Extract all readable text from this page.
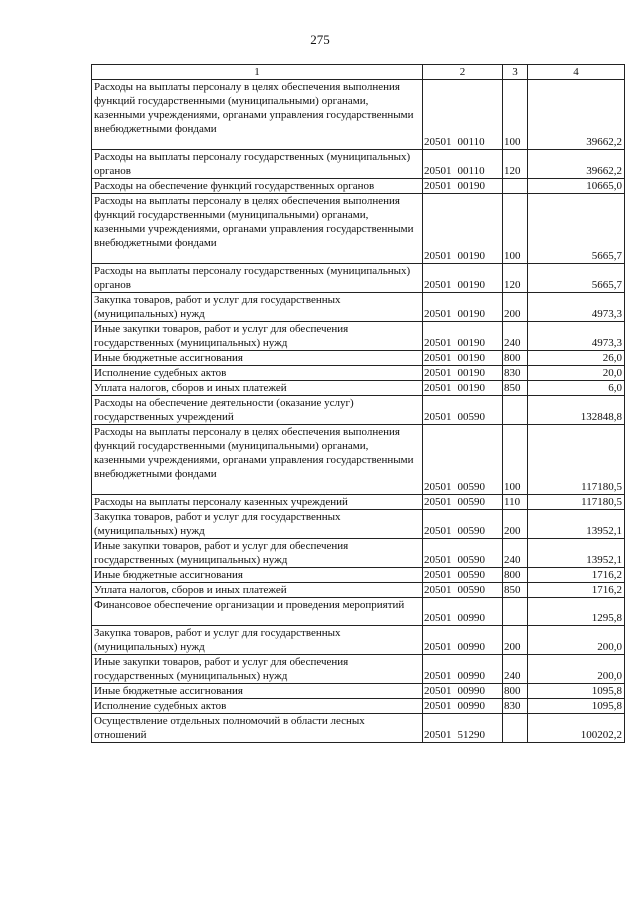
275
1	2	3	4
Расходы на выплаты персоналу в целях обеспечения выполнения функций государственными (муниципальными) органами, казенными учреждениями, органами управления государственными внебюджетными фондами	20501 00110	100	39662,2
Расходы на выплаты персоналу государственных (муниципальных) органов	20501 00110	120	39662,2
Расходы на обеспечение функций государственных органов	20501 00190		10665,0
Расходы на выплаты персоналу в целях обеспечения выполнения функций государственными (муниципальными) органами, казенными учреждениями, органами управления государственными внебюджетными фондами	20501 00190	100	5665,7
Расходы на выплаты персоналу государственных (муниципальных) органов	20501 00190	120	5665,7
Закупка товаров, работ и услуг для государственных (муниципальных) нужд	20501 00190	200	4973,3
Иные закупки товаров, работ и услуг для обеспечения государственных (муниципальных) нужд	20501 00190	240	4973,3
Иные бюджетные ассигнования	20501 00190	800	26,0
Исполнение судебных актов	20501 00190	830	20,0
Уплата налогов, сборов и иных платежей	20501 00190	850	6,0
Расходы на обеспечение деятельности (оказание услуг) государственных учреждений	20501 00590		132848,8
Расходы на выплаты персоналу в целях обеспечения выполнения функций государственными (муниципальными) органами, казенными учреждениями, органами управления государственными внебюджетными фондами	20501 00590	100	117180,5
Расходы на выплаты персоналу казенных учреждений	20501 00590	110	117180,5
Закупка товаров, работ и услуг для государственных (муниципальных) нужд	20501 00590	200	13952,1
Иные закупки товаров, работ и услуг для обеспечения государственных (муниципальных) нужд	20501 00590	240	13952,1
Иные бюджетные ассигнования	20501 00590	800	1716,2
Уплата налогов, сборов и иных платежей	20501 00590	850	1716,2
Финансовое обеспечение организации и проведения мероприятий	20501 00990		1295,8
Закупка товаров, работ и услуг для государственных (муниципальных) нужд	20501 00990	200	200,0
Иные закупки товаров, работ и услуг для обеспечения государственных (муниципальных) нужд	20501 00990	240	200,0
Иные бюджетные ассигнования	20501 00990	800	1095,8
Исполнение судебных актов	20501 00990	830	1095,8
Осуществление отдельных полномочий в области лесных отношений	20501 51290		100202,2
